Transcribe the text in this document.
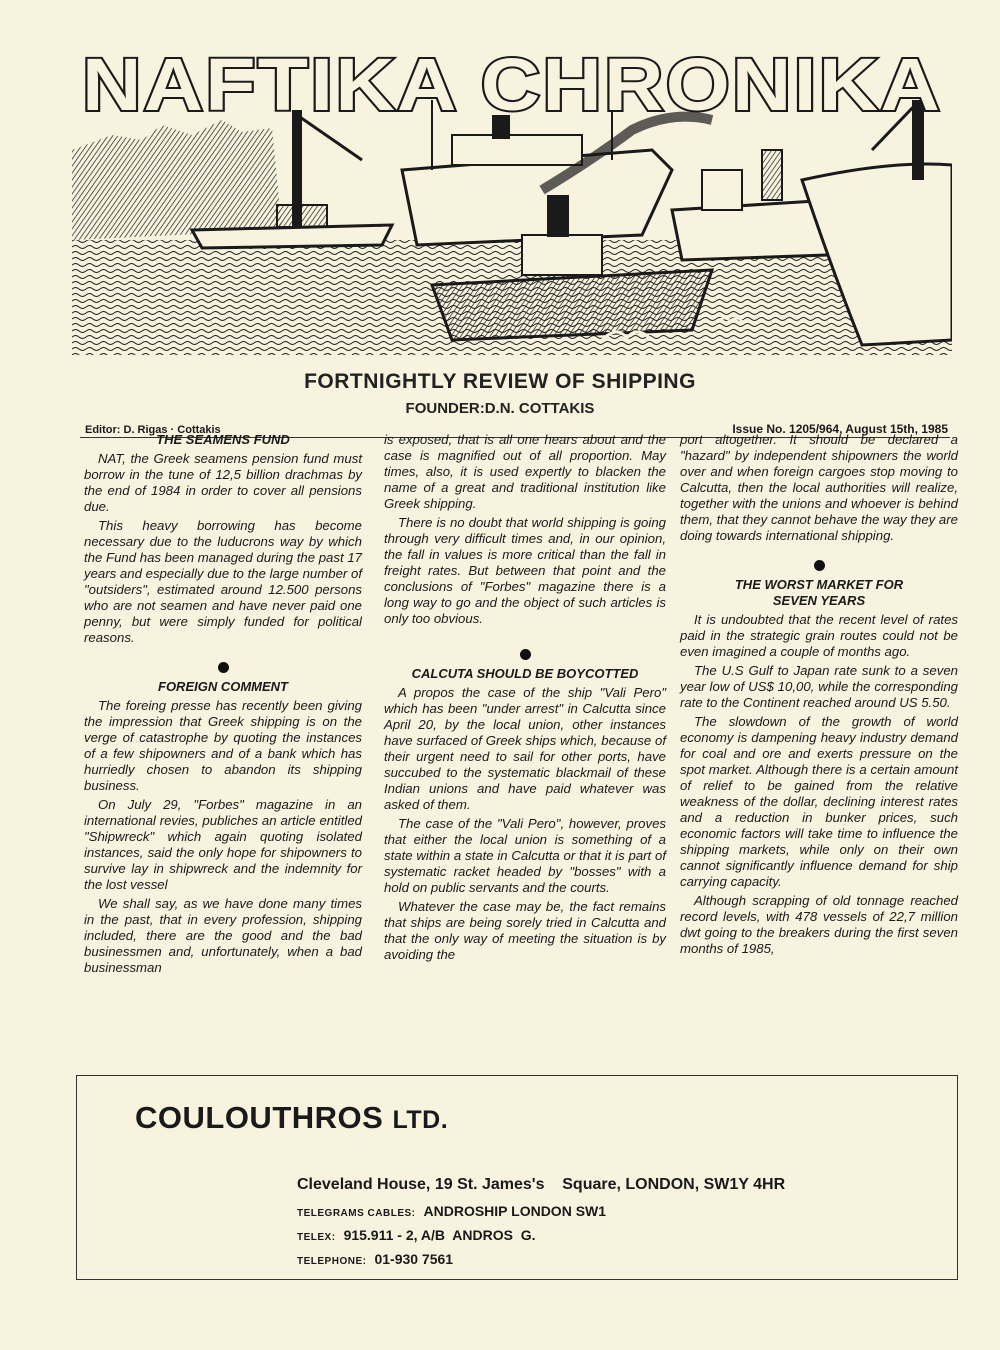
NAFTIKA CHRONIKA
FORTNIGHTLY REVIEW OF SHIPPING
FOUNDER:D.N. COTTAKIS
Editor: D. Rigas · Cottakis	Issue No. 1205/964, August 15th, 1985
THE SEAMENS FUND

NAT, the Greek seamens pension fund must borrow in the tune of 12,5 billion drachmas by the end of 1984 in order to cover all pensions due.

This heavy borrowing has become necessary due to the luducrons way by which the Fund has been managed during the past 17 years and especially due to the large number of "outsiders", estimated around 12.500 persons who are not seamen and have never paid one penny, but were simply funded for political reasons.

FOREIGN COMMENT

The foreing presse has recently been giving the impression that Greek shipping is on the verge of catastrophe by quoting the instances of a few shipowners and of a bank which has hurriedly chosen to abandon its shipping business.

On July 29, "Forbes" magazine in an international revies, publiches an article entitled "Shipwreck" which again quoting isolated instances, said the only hope for shipowners to survive lay in shipwreck and the indemnity for the lost vessel

We shall say, as we have done many times in the past, that in every profession, shipping included, there are the good and the bad businessmen and, unfortunately, when a bad businessman

is exposed, that is all one hears about and the case is magnified out of all proportion. May times, also, it is used expertly to blacken the name of a great and traditional institution like Greek shipping.

There is no doubt that world shipping is going through very difficult times and, in our opinion, the fall in values is more critical than the fall in freight rates. But between that point and the conclusions of "Forbes" magazine there is a long way to go and the object of such articles is only too obvious.

CALCUTA SHOULD BE BOYCOTTED

A propos the case of the ship "Vali Pero" which has been "under arrest" in Calcutta since April 20, by the local union, other instances have surfaced of Greek ships which, because of their urgent need to sail for other ports, have succubed to the systematic blackmail of these Indian unions and have paid whatever was asked of them.

The case of the "Vali Pero", however, proves that either the local union is something of a state within a state in Calcutta or that it is part of systematic racket headed by "bosses" with a hold on public servants and the courts.

Whatever the case may be, the fact remains that ships are being sorely tried in Calcutta and that the only way of meeting the situation is by avoiding the

port altogether. It should be declared a "hazard" by independent shipowners the world over and when foreign cargoes stop moving to Calcutta, then the local authorities will realize, together with the unions and whoever is behind them, that they cannot behave the way they are doing towards international shipping.

THE WORST MARKET FOR
SEVEN YEARS

It is undoubted that the recent level of rates paid in the strategic grain routes could not be even imagined a couple of months ago.

The U.S Gulf to Japan rate sunk to a seven year low of US$ 10,00, while the corresponding rate to the Continent reached around US 5.50.

The slowdown of the growth of world economy is dampening heavy industry demand for coal and ore and exerts pressure on the spot market. Although there is a certain amount of relief to be gained from the relative weakness of the dollar, declining interest rates and a reduction in bunker prices, such economic factors will take time to influence the shipping markets, while only on their own cannot significantly influence demand for ship carrying capacity.

Although scrapping of old tonnage reached record levels, with 478 vessels of 22,7 million dwt going to the breakers during the first seven months of 1985,

COULOUTHROS LTD.
Cleveland House, 19 St. James's    Square, LONDON, SW1Y 4HR
TELEGRAMS CABLES: ANDROSHIP LONDON SW1
TELEX: 915.911 - 2, A/B  ANDROS  G.
TELEPHONE: 01-930 7561
